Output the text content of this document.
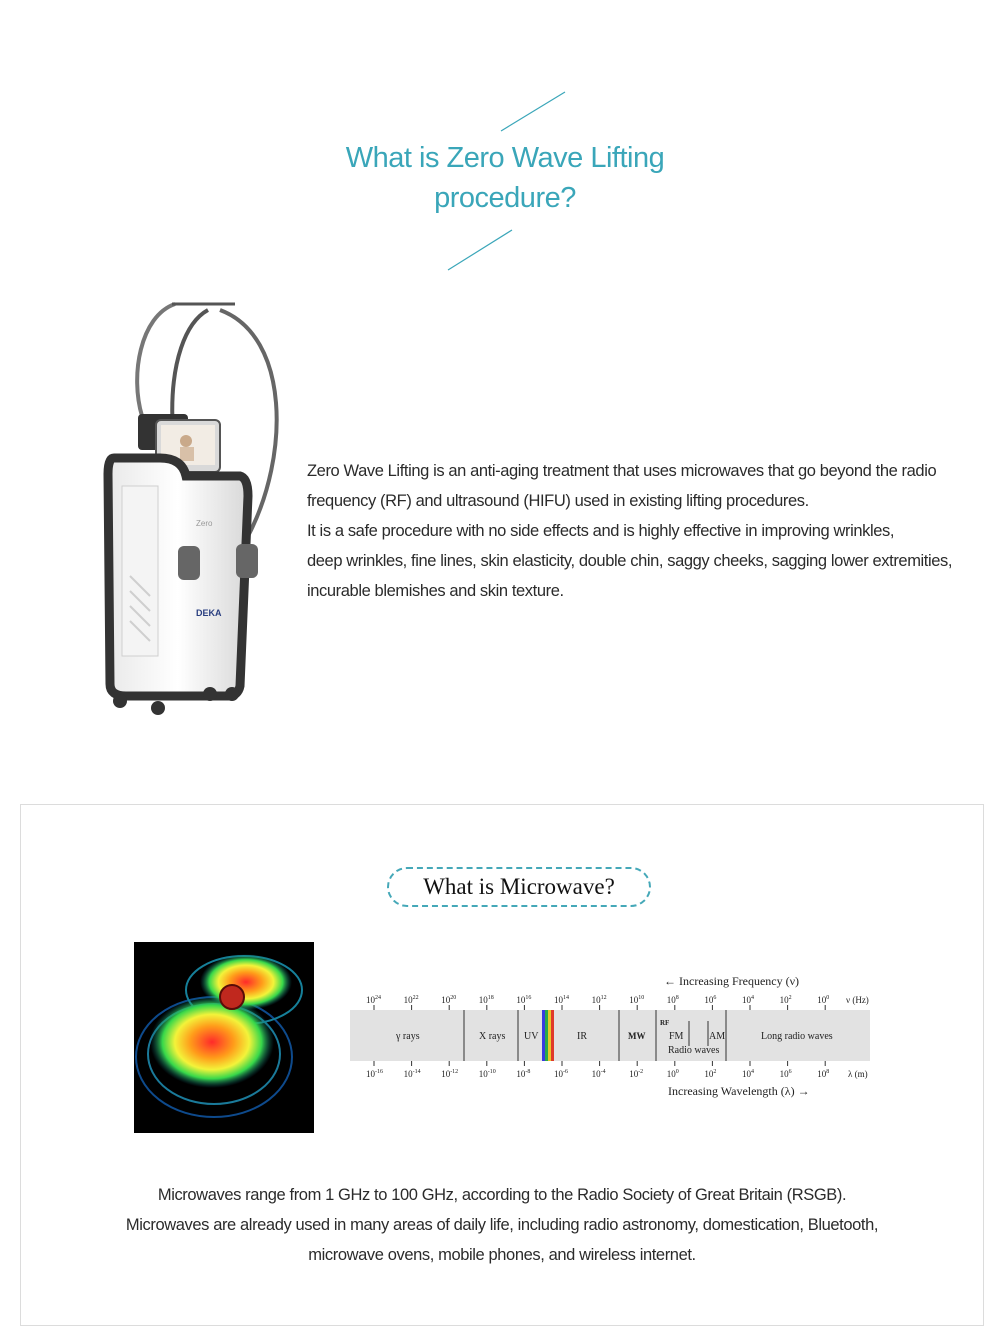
What is Zero Wave Lifting
procedure?
Zero
DEKA

Zero Wave Lifting is an anti-aging treatment that uses microwaves that go beyond the radio

frequency (RF) and ultrasound (HIFU) used in existing lifting procedures.

It is a safe procedure with no side effects and is highly effective in improving wrinkles,

deep wrinkles, fine lines, skin elasticity, double chin, saggy cheeks, sagging lower extremities,

incurable blemishes and skin texture.

What is Microwave?
← Increasing Frequency (ν)
$10^{24}$	$10^{22}$	$10^{20}$	$10^{18}$	$10^{16}$	$10^{14}$	$10^{12}$	$10^{10}$	$10^8$	$10^6$	$10^4$	$10^2$	$10^0$ ν (Hz)
γ rays	X rays UV	IR	MW
RF
FM	AM
Radio waves
Long radio waves
$10^{-16}$ $10^{-14}$ $10^{-12}$ $10^{-10}$ $10^{-8}$	$10^{-6}$	$10^{-4}$	$10^{-2}$	$10^0$	$10^2$	$10^4$	$10^6$	$10^8$ λ (m)
Increasing Wavelength (λ) →

Microwaves range from 1 GHz to 100 GHz, according to the Radio Society of Great Britain (RSGB).

Microwaves are already used in many areas of daily life, including radio astronomy, domestication, Bluetooth,

microwave ovens, mobile phones, and wireless internet.
